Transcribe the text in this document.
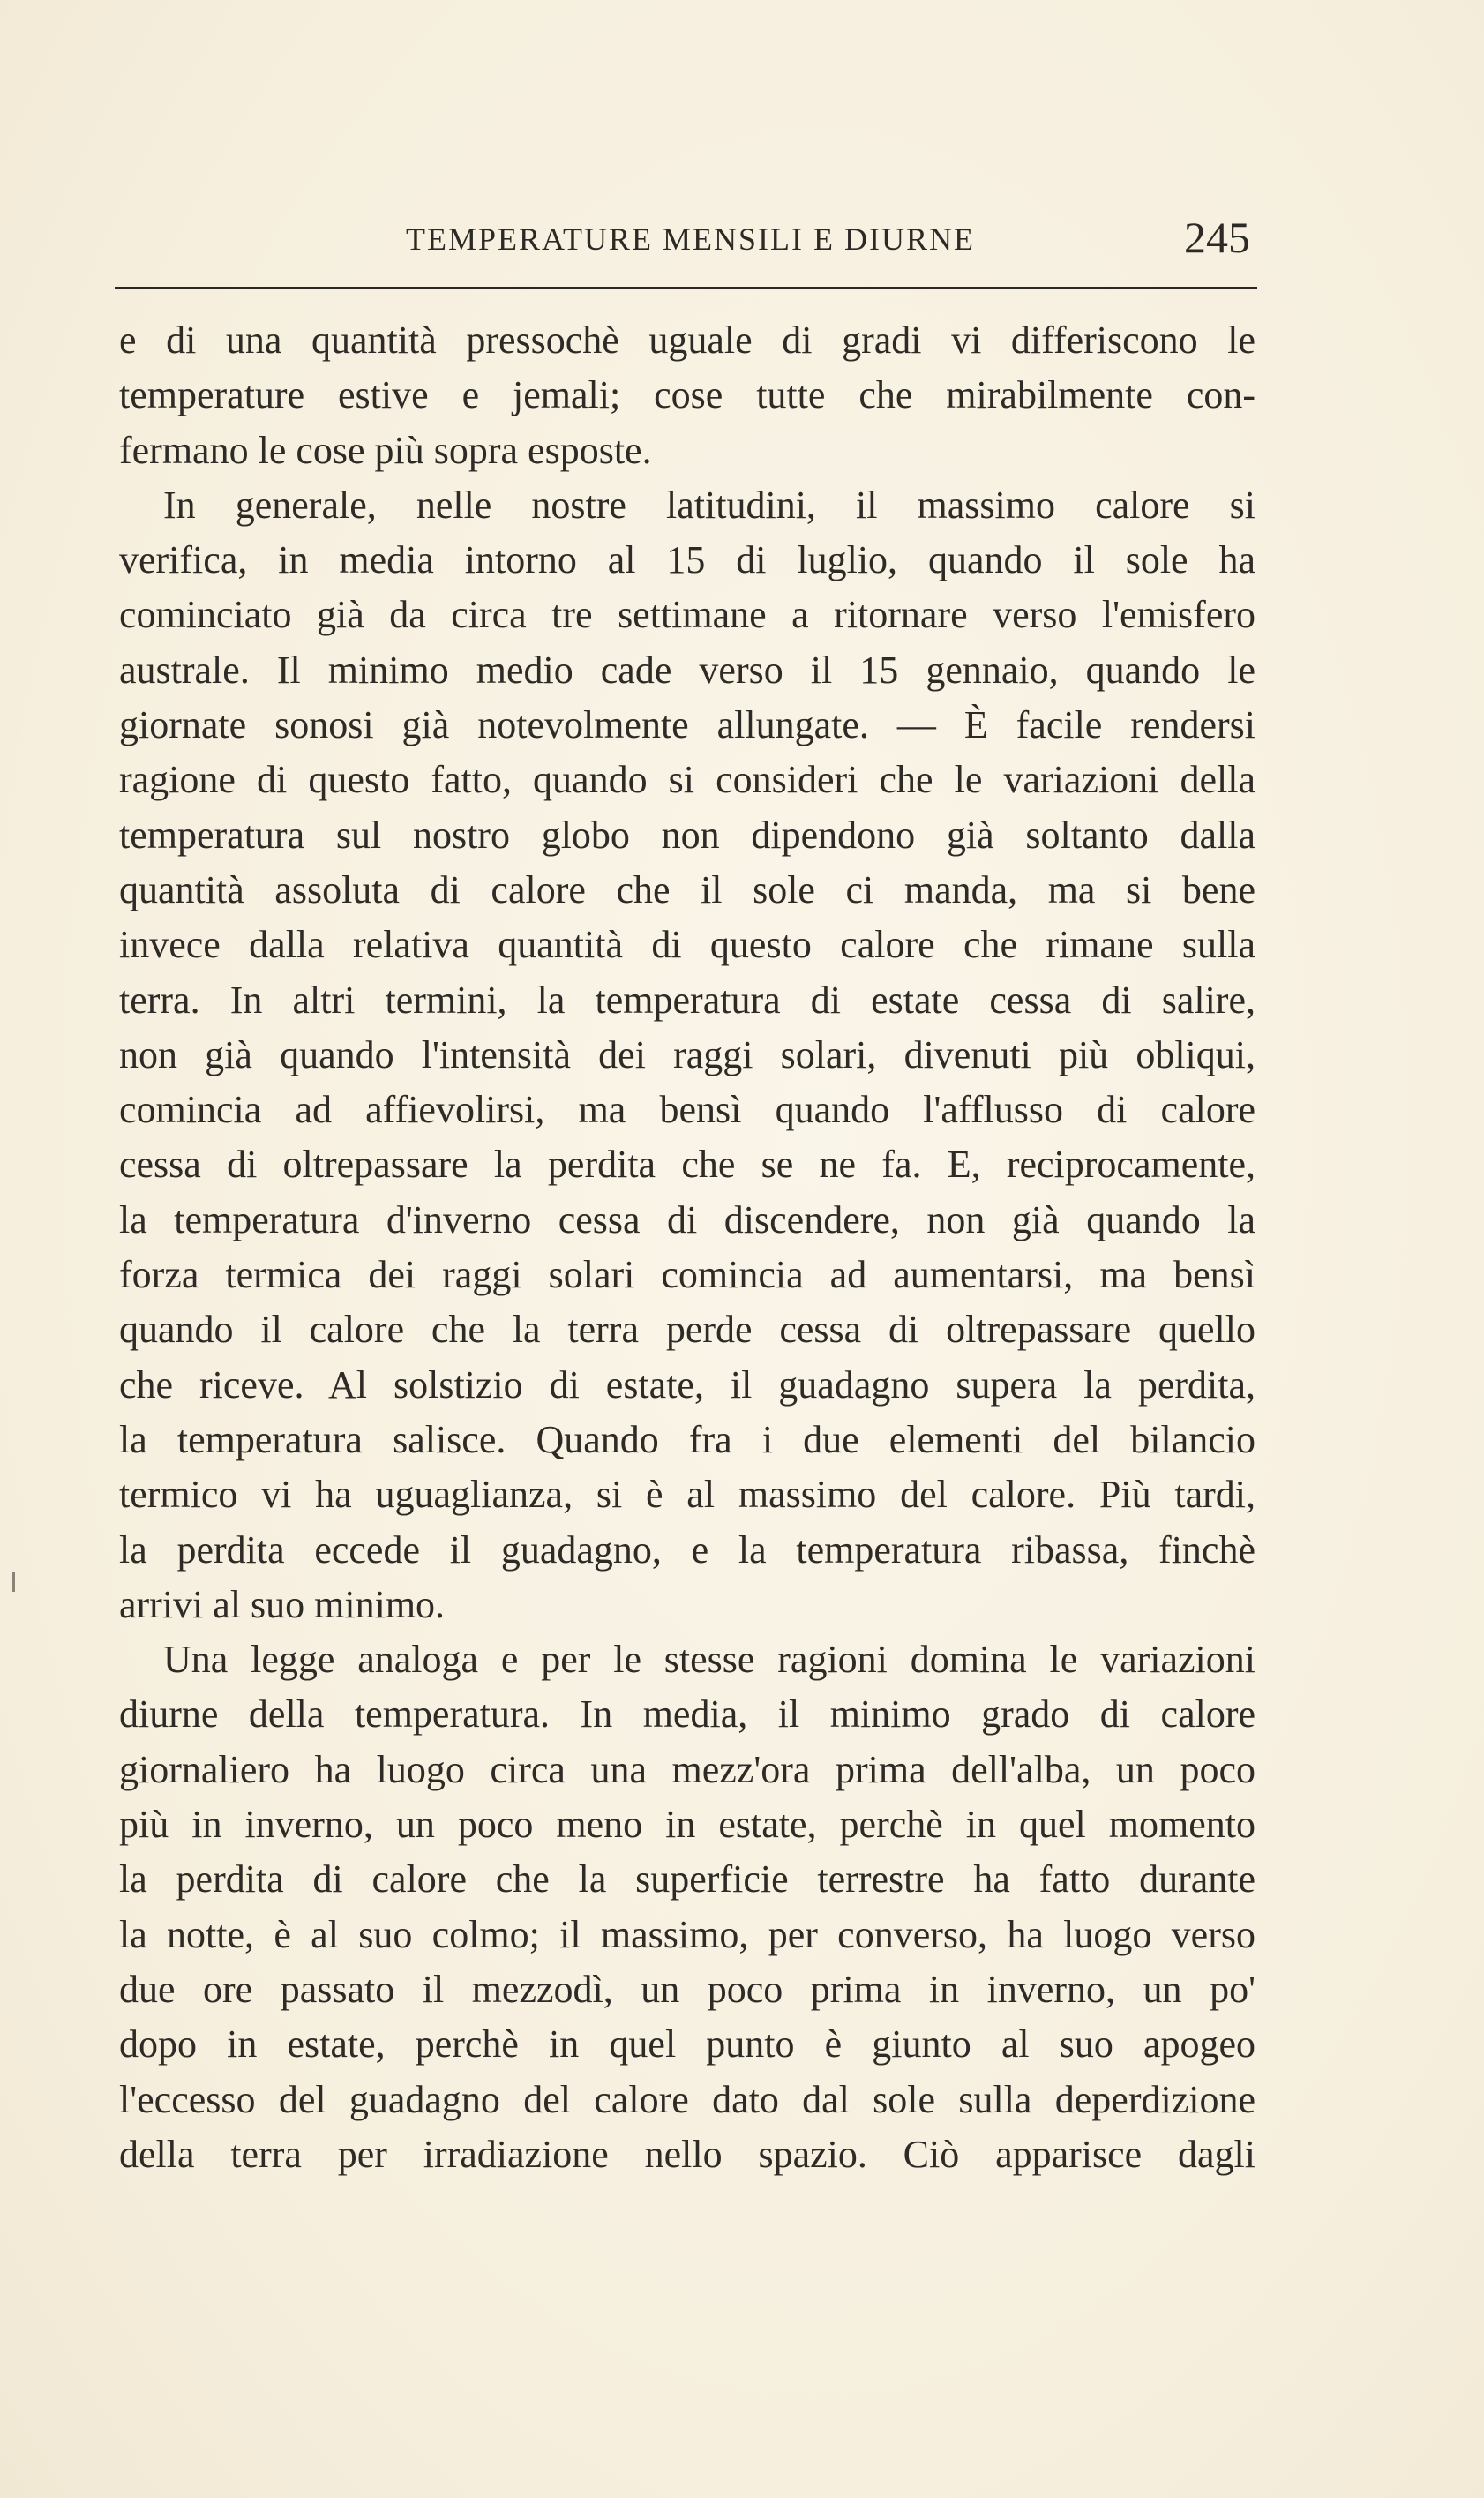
TEMPERATURE MENSILI E DIURNE	245
e di una quantità pressochè uguale di gradi vi differiscono le
temperature estive e jemali; cose tutte che mirabilmente con-
fermano le cose più sopra esposte.
In generale, nelle nostre latitudini, il massimo calore si
verifica, in media intorno al 15 di luglio, quando il sole ha
cominciato già da circa tre settimane a ritornare verso l'emisfero
australe. Il minimo medio cade verso il 15 gennaio, quando le
giornate sonosi già notevolmente allungate. — È facile rendersi
ragione di questo fatto, quando si consideri che le variazioni della
temperatura sul nostro globo non dipendono già soltanto dalla
quantità assoluta di calore che il sole ci manda, ma si bene
invece dalla relativa quantità di questo calore che rimane sulla
terra. In altri termini, la temperatura di estate cessa di salire,
non già quando l'intensità dei raggi solari, divenuti più obliqui,
comincia ad affievolirsi, ma bensì quando l'afflusso di calore
cessa di oltrepassare la perdita che se ne fa. E, reciprocamente,
la temperatura d'inverno cessa di discendere, non già quando la
forza termica dei raggi solari comincia ad aumentarsi, ma bensì
quando il calore che la terra perde cessa di oltrepassare quello
che riceve. Al solstizio di estate, il guadagno supera la perdita,
la temperatura salisce. Quando fra i due elementi del bilancio
termico vi ha uguaglianza, si è al massimo del calore. Più tardi,
la perdita eccede il guadagno, e la temperatura ribassa, finchè
arrivi al suo minimo.
Una legge analoga e per le stesse ragioni domina le variazioni
diurne della temperatura. In media, il minimo grado di calore
giornaliero ha luogo circa una mezz'ora prima dell'alba, un poco
più in inverno, un poco meno in estate, perchè in quel momento
la perdita di calore che la superficie terrestre ha fatto durante
la notte, è al suo colmo; il massimo, per converso, ha luogo verso
due ore passato il mezzodì, un poco prima in inverno, un po'
dopo in estate, perchè in quel punto è giunto al suo apogeo
l'eccesso del guadagno del calore dato dal sole sulla deperdizione
della terra per irradiazione nello spazio. Ciò apparisce dagli
